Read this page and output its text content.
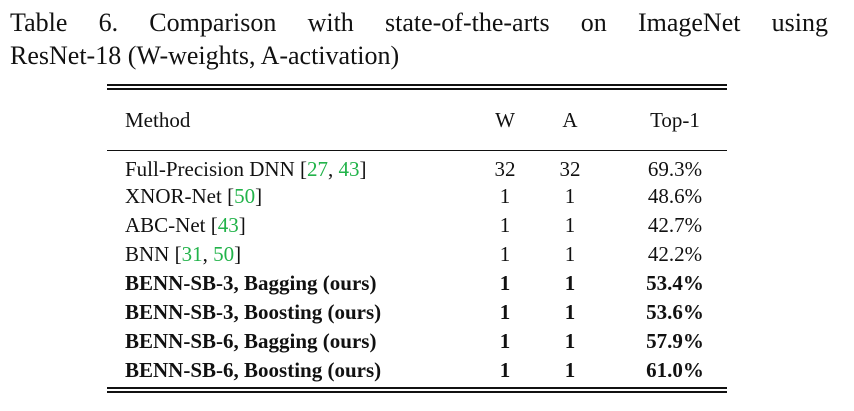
Table 6. Comparison with state-of-the-arts on ImageNet using
ResNet-18 (W-weights, A-activation)
Method	W	A	Top-1
Full-Precision DNN [27, 43]	32	32	69.3%
XNOR-Net [50]	1	1	48.6%
ABC-Net [43]	1	1	42.7%
BNN [31, 50]	1	1	42.2%
BENN-SB-3, Bagging (ours)	1	1	53.4%
BENN-SB-3, Boosting (ours)	1	1	53.6%
BENN-SB-6, Bagging (ours)	1	1	57.9%
BENN-SB-6, Boosting (ours)	1	1	61.0%
